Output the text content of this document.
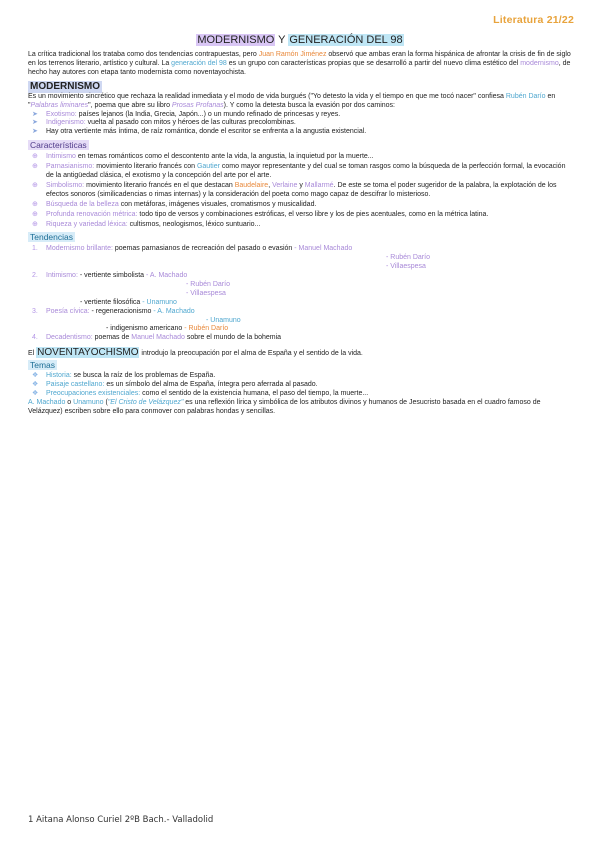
Literatura 21/22
MODERNISMO Y GENERACIÓN DEL 98

La crítica tradicional los trataba como dos tendencias contrapuestas, pero Juan Ramón Jiménez observó que ambas eran la forma hispánica de afrontar la crisis de fin de siglo en los terrenos literario, artístico y cultural. La generación del 98 es un grupo con características propias que se desarrolló a partir del nuevo clima estético del modernismo, de hecho hay autores con etapa tanto modernista como noventayochista.

MODERNISMO

Es un movimiento sincrético que rechaza la realidad inmediata y el modo de vida burgués ("Yo detesto la vida y el tiempo en que me tocó nacer" confiesa Rubén Darío en "Palabras liminares", poema que abre su libro Prosas Profanas). Y como la detesta busca la evasión por dos caminos:

➤ Exotismo: países lejanos (la India, Grecia, Japón...) o un mundo refinado de princesas y reyes.
➤ Indigenismo: vuelta al pasado con mitos y héroes de las culturas precolombinas.
➤ Hay otra vertiente más íntima, de raíz romántica, donde el escritor se enfrenta a la angustia existencial.
Características
⊕ Intimismo en temas románticos como el descontento ante la vida, la angustia, la inquietud por la muerte...
⊕ Parnasianismo: movimiento literario francés con Gautier como mayor representante y del cual se toman rasgos como la búsqueda de la perfección formal, la evocación de la antigüedad clásica, el exotismo y la concepción del arte por el arte.
⊕ Simbolismo: movimiento literario francés en el que destacan Baudelaire, Verlaine y Mallarmé. De este se toma el poder sugeridor de la palabra, la explotación de los efectos sonoros (similicadencias o rimas internas) y la consideración del poeta como mago capaz de descifrar lo misterioso.
⊕ Búsqueda de la belleza con metáforas, imágenes visuales, cromatismos y musicalidad.
⊕ Profunda renovación métrica: todo tipo de versos y combinaciones estróficas, el verso libre y los de pies acentuales, como en la métrica latina.
⊕ Riqueza y variedad léxica: cultismos, neologismos, léxico suntuario...
Tendencias
1. Modernismo brillante: poemas parnasianos de recreación del pasado o evasión - Manuel Machado
- Rubén Darío
- Villaespesa
2. Intimismo: - vertiente simbolista - A. Machado
- Rubén Darío
- Villaespesa
- vertiente filosófica - Unamuno
3. Poesía cívica: - regeneracionismo - A. Machado
- Unamuno
- indigenismo americano - Rubén Darío
4. Decadentismo: poemas de Manuel Machado sobre el mundo de la bohemia

El NOVENTAYOCHISMO introdujo la preocupación por el alma de España y el sentido de la vida.

Temas
❖ Historia: se busca la raíz de los problemas de España.
❖ Paisaje castellano: es un símbolo del alma de España, íntegra pero aferrada al pasado.
❖ Preocupaciones existenciales: como el sentido de la existencia humana, el paso del tiempo, la muerte...

A. Machado o Unamuno ("El Cristo de Velázquez" es una reflexión lírica y simbólica de los atributos divinos y humanos de Jesucristo basada en el cuadro famoso de Velázquez) escriben sobre ello para conmover con palabras hondas y sencillas.

1 Aitana Alonso Curiel 2ºB Bach.- Valladolid
